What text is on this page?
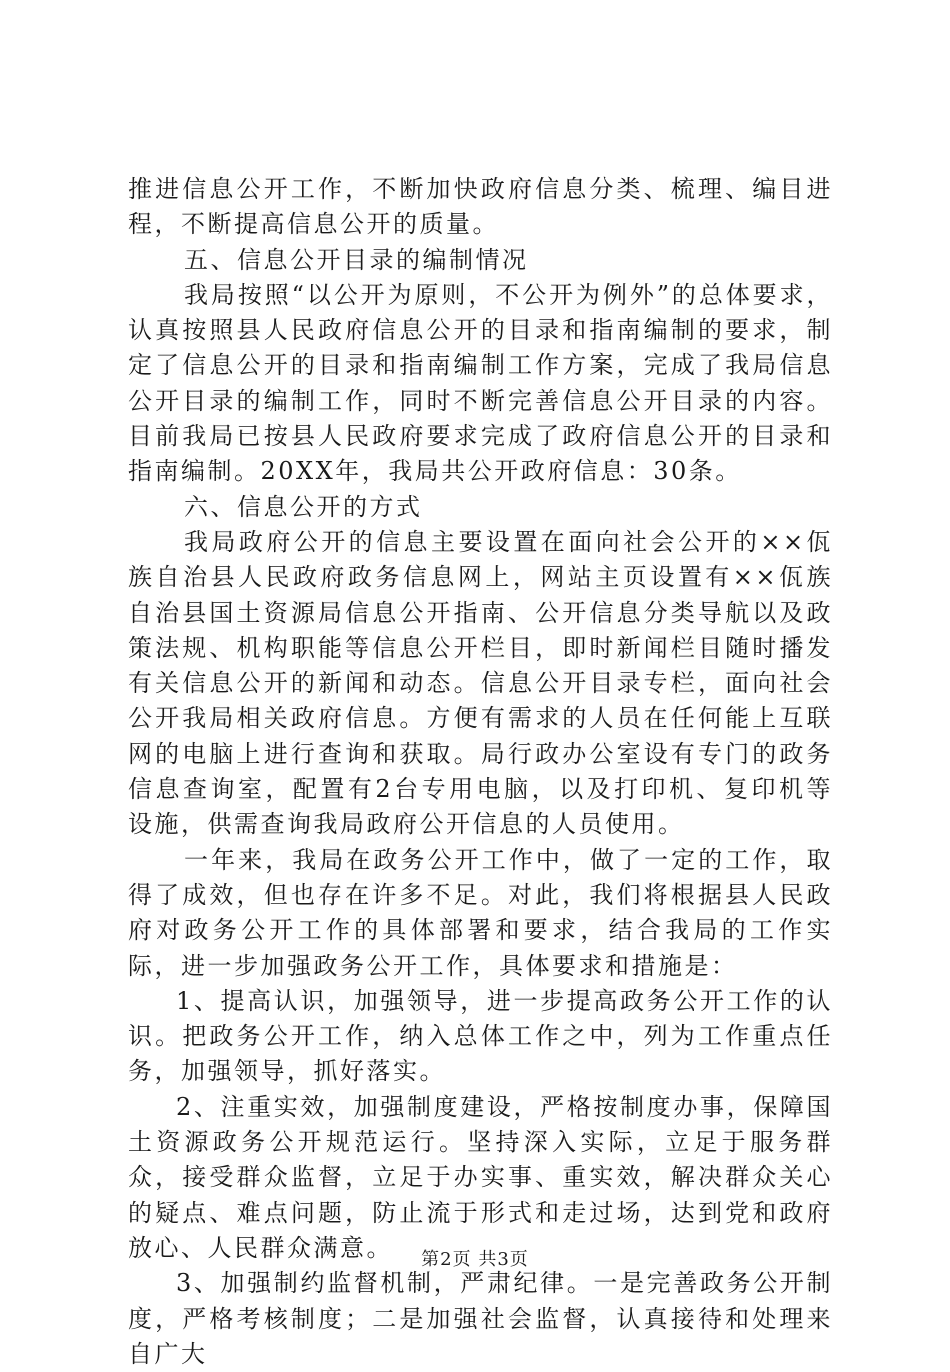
推进信息公开工作，不断加快政府信息分类、梳理、编目进程，不断提高信息公开的质量。

五、信息公开目录的编制情况

我局按照“以公开为原则，不公开为例外”的总体要求，认真按照县人民政府信息公开的目录和指南编制的要求，制定了信息公开的目录和指南编制工作方案，完成了我局信息公开目录的编制工作，同时不断完善信息公开目录的内容。目前我局已按县人民政府要求完成了政府信息公开的目录和指南编制。20XX年，我局共公开政府信息：30条。

六、信息公开的方式

我局政府公开的信息主要设置在面向社会公开的××佤族自治县人民政府政务信息网上，网站主页设置有××佤族自治县国土资源局信息公开指南、公开信息分类导航以及政策法规、机构职能等信息公开栏目，即时新闻栏目随时播发有关信息公开的新闻和动态。信息公开目录专栏，面向社会公开我局相关政府信息。方便有需求的人员在任何能上互联网的电脑上进行查询和获取。局行政办公室设有专门的政务信息查询室，配置有2台专用电脑，以及打印机、复印机等设施，供需查询我局政府公开信息的人员使用。

一年来，我局在政务公开工作中，做了一定的工作，取得了成效，但也存在许多不足。对此，我们将根据县人民政府对政务公开工作的具体部署和要求，结合我局的工作实际，进一步加强政务公开工作，具体要求和措施是：

1、提高认识，加强领导，进一步提高政务公开工作的认识。把政务公开工作，纳入总体工作之中，列为工作重点任务，加强领导，抓好落实。

2、注重实效，加强制度建设，严格按制度办事，保障国土资源政务公开规范运行。坚持深入实际，立足于服务群众，接受群众监督，立足于办实事、重实效，解决群众关心的疑点、难点问题，防止流于形式和走过场，达到党和政府放心、人民群众满意。

3、加强制约监督机制，严肃纪律。一是完善政务公开制度，严格考核制度；二是加强社会监督，认真接待和处理来自广大

第2页 共3页
